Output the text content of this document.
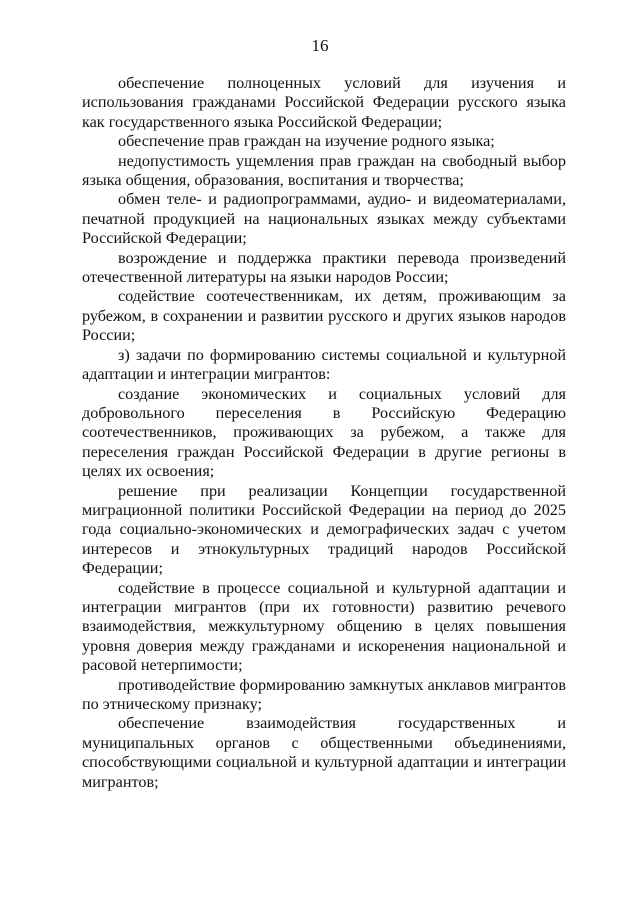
16

обеспечение полноценных условий для изучения и использования гражданами Российской Федерации русского языка как государственного языка Российской Федерации;

обеспечение прав граждан на изучение родного языка;

недопустимость ущемления прав граждан на свободный выбор языка общения, образования, воспитания и творчества;

обмен теле- и радиопрограммами, аудио- и видеоматериалами, печатной продукцией на национальных языках между субъектами Российской Федерации;

возрождение и поддержка практики перевода произведений отечественной литературы на языки народов России;

содействие соотечественникам, их детям, проживающим за рубежом, в сохранении и развитии русского и других языков народов России;

з) задачи по формированию системы социальной и культурной адаптации и интеграции мигрантов:

создание экономических и социальных условий для добровольного переселения в Российскую Федерацию соотечественников, проживающих за рубежом, а также для переселения граждан Российской Федерации в другие регионы в целях их освоения;

решение при реализации Концепции государственной миграционной политики Российской Федерации на период до 2025 года социально-экономических и демографических задач с учетом интересов и этнокультурных традиций народов Российской Федерации;

содействие в процессе социальной и культурной адаптации и интеграции мигрантов (при их готовности) развитию речевого взаимодействия, межкультурному общению в целях повышения уровня доверия между гражданами и искоренения национальной и расовой нетерпимости;

противодействие формированию замкнутых анклавов мигрантов по этническому признаку;

обеспечение взаимодействия государственных и муниципальных органов с общественными объединениями, способствующими социальной и культурной адаптации и интеграции мигрантов;
